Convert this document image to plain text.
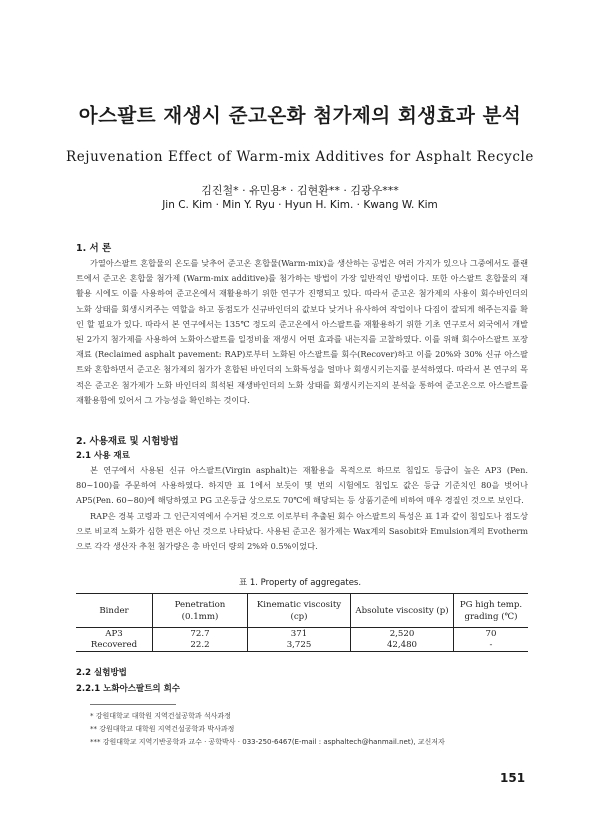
아스팔트 재생시 준고온화 첨가제의 회생효과 분석
Rejuvenation Effect of Warm-mix Additives for Asphalt Recycle
김진철* · 유민용* · 김현환** · 김광우***
Jin C. Kim · Min Y. Ryu · Hyun H. Kim. · Kwang W. Kim
1. 서 론

가열아스팔트 혼합물의 온도를 낮추어 준고온 혼합물(Warm-mix)을 생산하는 공법은 여러 가지가 있으나 그중에서도 플랜트에서 준고온 혼합물 첨가제 (Warm-mix additive)를 첨가하는 방법이 가장 일반적인 방법이다. 또한 아스팔트 혼합물의 재활용 시에도 이를 사용하여 준고온에서 재활용하기 위한 연구가 진행되고 있다. 따라서 준고온 첨가제의 사용이 회수바인더의 노화 상태를 회생시켜주는 역할을 하고 동점도가 신규바인더의 값보다 낮거나 유사하여 작업이나 다짐이 잘되게 해주는지를 확인 할 필요가 있다. 따라서 본 연구에서는 135℃ 정도의 준고온에서 아스팔트를 재활용하기 위한 기초 연구로서 외국에서 개발된 2가지 첨가제를 사용하여 노화아스팔트를 일정비율 재생시 어떤 효과를 내는지를 고찰하였다. 이를 위해 회수아스팔트 포장재료 (Reclaimed asphalt pavement: RAP)로부터 노화된 아스팔트를 회수(Recover)하고 이를 20%와 30% 신규 아스팔트와 혼합하면서 준고온 첨가제의 첨가가 혼합된 바인더의 노화특성을 얼마나 회생시키는지를 분석하였다. 따라서 본 연구의 목적은 준고온 첨가제가 노화 바인더의 희석된 재생바인더의 노화 상태를 회생시키는지의 분석을 통하여 준고온으로 아스팔트를 재활용함에 있어서 그 가능성을 확인하는 것이다.

2. 사용재료 및 시험방법
2.1 사용 재료

본 연구에서 사용된 신규 아스팔트(Virgin asphalt)는 재활용을 목적으로 하므로 침입도 등급이 높은 AP3 (Pen. 80~100)를 주문하여 사용하였다. 하지만 표 1에서 보듯이 몇 번의 시험에도 침입도 값은 등급 기준치인 80을 벗어나 AP5(Pen. 60~80)에 해당하였고 PG 고온등급 상으로도 70℃에 해당되는 등 상품기준에 비하여 매우 경질인 것으로 보인다.

RAP은 경북 고령과 그 인근지역에서 수거된 것으로 이로부터 추출된 회수 아스팔트의 특성은 표 1과 같이 침입도나 점도상으로 비교적 노화가 심한 편은 아닌 것으로 나타났다. 사용된 준고온 첨가제는 Wax계의 Sasobit와 Emulsion계의 Evotherm으로 각각 생산자 추천 첨가량은 총 바인더 량의 2%와 0.5%이었다.

표 1. Property of aggregates.
Binder	Penetration (0.1mm)	Kinematic viscosity (cp)	Absolute viscosity (p)	PG high temp. grading (℃)
AP3	72.7	371	2,520	70
Recovered	22.2	3,725	42,480	-
2.2 실험방법
2.2.1 노화아스팔트의 회수
* 강원대학교 대학원 지역건설공학과 석사과정
** 강원대학교 대학원 지역건설공학과 박사과정
*** 강원대학교 지역기반공학과 교수 · 공학박사 · 033-250-6467(E-mail : asphaltech@hanmail.net), 교신저자
151
